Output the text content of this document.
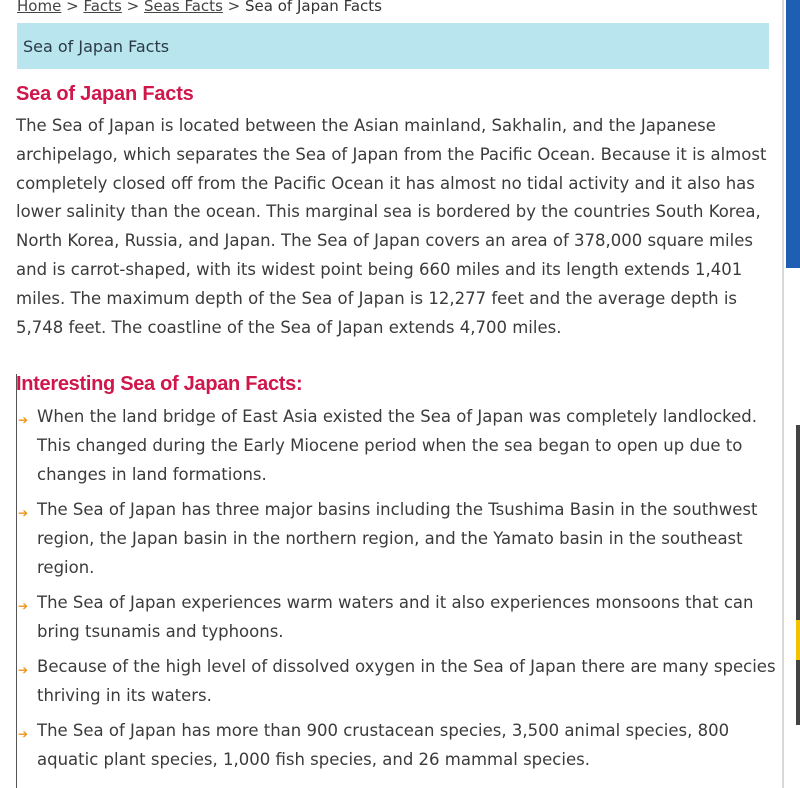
Home > Facts > Seas Facts > Sea of Japan Facts
Sea of Japan Facts
Sea of Japan Facts

The Sea of Japan is located between the Asian mainland, Sakhalin, and the Japanese archipelago, which separates the Sea of Japan from the Pacific Ocean. Because it is almost completely closed off from the Pacific Ocean it has almost no tidal activity and it also has lower salinity than the ocean. This marginal sea is bordered by the countries South Korea, North Korea, Russia, and Japan. The Sea of Japan covers an area of 378,000 square miles and is carrot-shaped, with its widest point being 660 miles and its length extends 1,401 miles. The maximum depth of the Sea of Japan is 12,277 feet and the average depth is 5,748 feet. The coastline of the Sea of Japan extends 4,700 miles.

Interesting Sea of Japan Facts:
➔ When the land bridge of East Asia existed the Sea of Japan was completely landlocked. This changed during the Early Miocene period when the sea began to open up due to changes in land formations.
➔ The Sea of Japan has three major basins including the Tsushima Basin in the southwest region, the Japan basin in the northern region, and the Yamato basin in the southeast region.
➔ The Sea of Japan experiences warm waters and it also experiences monsoons that can bring tsunamis and typhoons.
➔ Because of the high level of dissolved oxygen in the Sea of Japan there are many species thriving in its waters.
➔ The Sea of Japan has more than 900 crustacean species, 3,500 animal species, 800 aquatic plant species, 1,000 fish species, and 26 mammal species.
